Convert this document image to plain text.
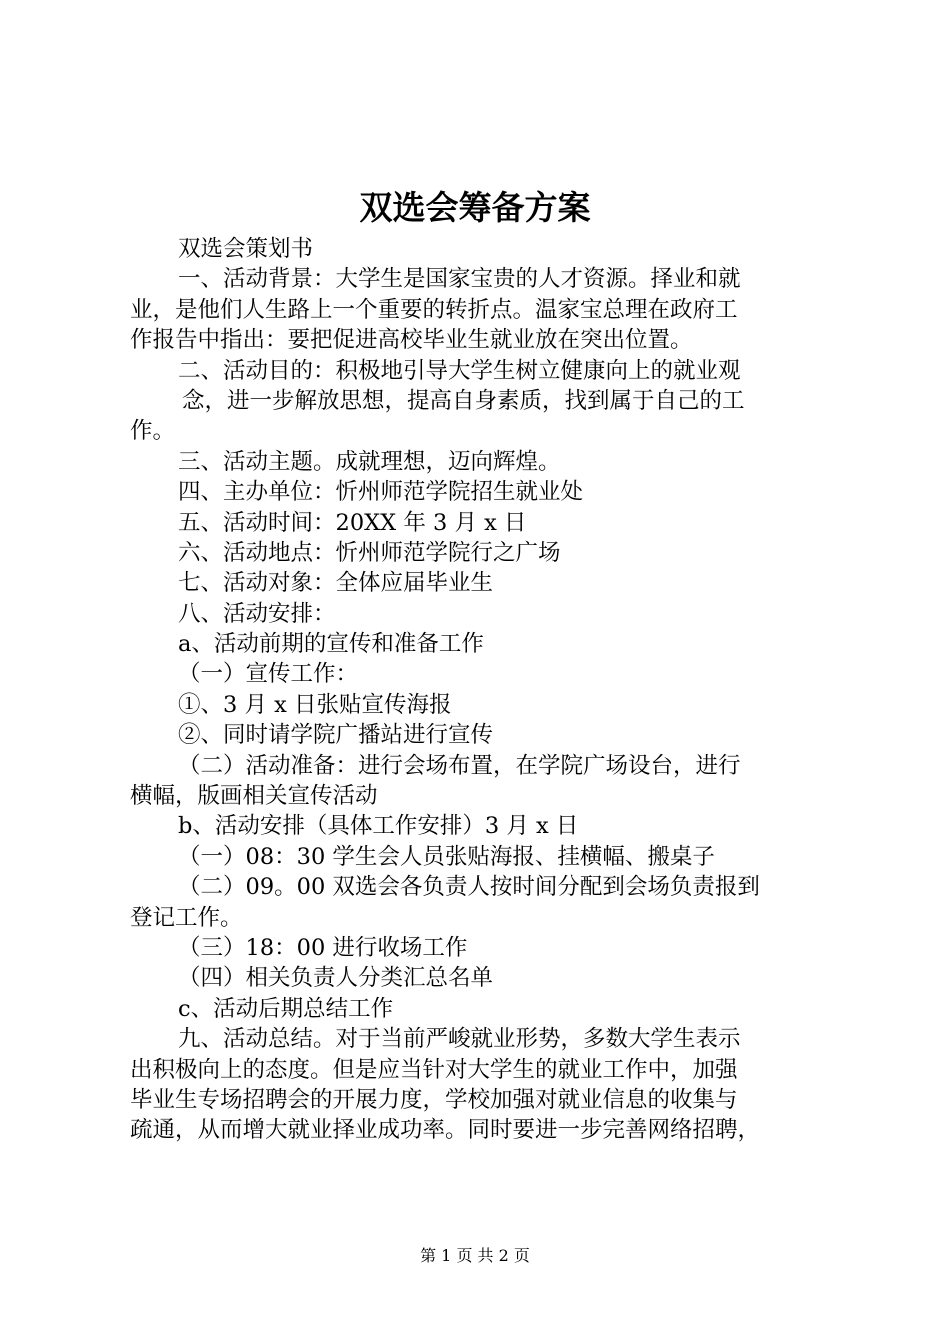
双选会筹备方案
双选会策划书
一、活动背景：大学生是国家宝贵的人才资源。择业和就
业，是他们人生路上一个重要的转折点。温家宝总理在政府工
作报告中指出：要把促进高校毕业生就业放在突出位置。
二、活动目的：积极地引导大学生树立健康向上的就业观
念，进一步解放思想，提高自身素质，找到属于自己的工
作。
三、活动主题。成就理想，迈向辉煌。
四、主办单位：忻州师范学院招生就业处
五、活动时间：20XX 年 3 月 x 日
六、活动地点：忻州师范学院行之广场
七、活动对象：全体应届毕业生
八、活动安排：
a、活动前期的宣传和准备工作
（一）宣传工作：
①、3 月 x 日张贴宣传海报
②、同时请学院广播站进行宣传
（二）活动准备：进行会场布置，在学院广场设台，进行
横幅，版画相关宣传活动
b、活动安排（具体工作安排）3 月 x 日
（一）08：30 学生会人员张贴海报、挂横幅、搬桌子
（二）09。00 双选会各负责人按时间分配到会场负责报到
登记工作。
（三）18：00 进行收场工作
（四）相关负责人分类汇总名单
c、活动后期总结工作
九、活动总结。对于当前严峻就业形势，多数大学生表示
出积极向上的态度。但是应当针对大学生的就业工作中，加强
毕业生专场招聘会的开展力度，学校加强对就业信息的收集与
疏通，从而增大就业择业成功率。同时要进一步完善网络招聘，
第 1 页 共 2 页
